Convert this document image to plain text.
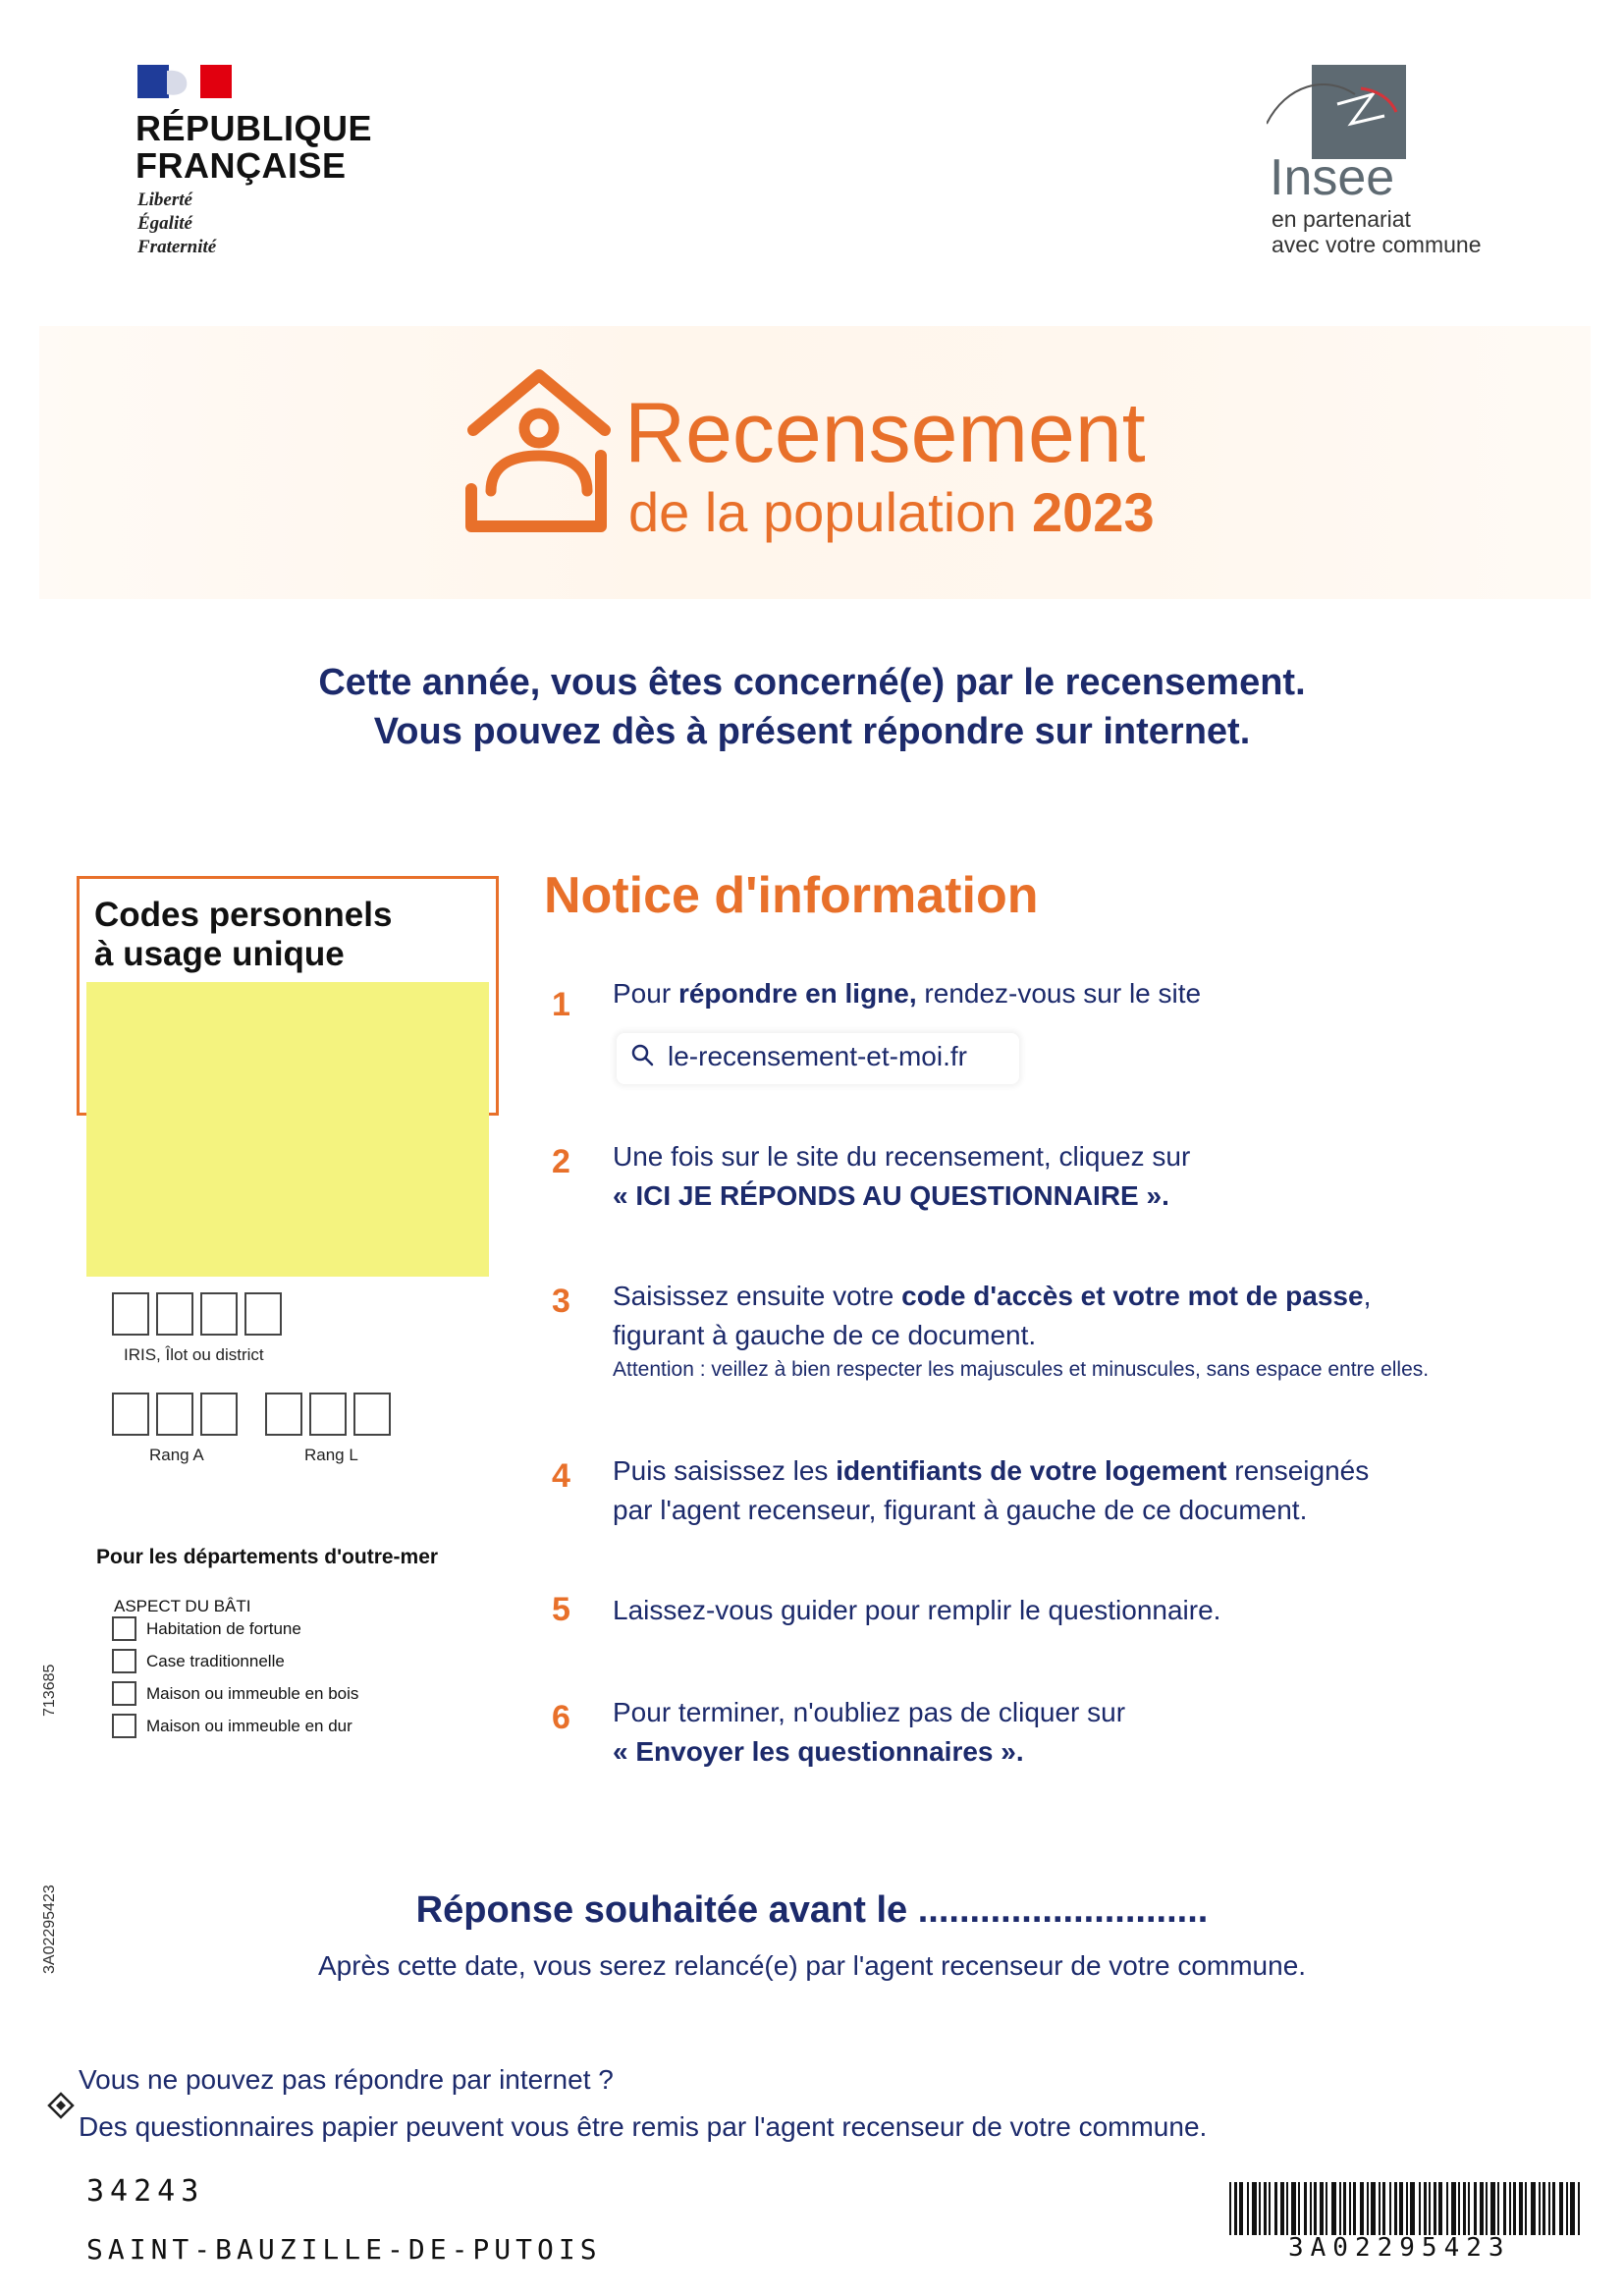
RÉPUBLIQUE
FRANÇAISE
Liberté
Égalité
Fraternité
Insee
en partenariat
avec votre commune
Recensement
de la population 2023
Cette année, vous êtes concerné(e) par le recensement.
Vous pouvez dès à présent répondre sur internet.
Codes personnels
à usage unique
IRIS, Îlot ou district
Rang A	Rang L
Pour les départements d'outre-mer
ASPECT DU BÂTI
Habitation de fortune
Case traditionnelle
Maison ou immeuble en bois
Maison ou immeuble en dur
713685
3A02295423
Notice d'information
1 Pour répondre en ligne, rendez-vous sur le site
le-recensement-et-moi.fr
2 Une fois sur le site du recensement, cliquez sur
« ICI JE RÉPONDS AU QUESTIONNAIRE ».
3 Saisissez ensuite votre code d'accès et votre mot de passe,
figurant à gauche de ce document.
Attention : veillez à bien respecter les majuscules et minuscules, sans espace entre elles.
4 Puis saisissez les identifiants de votre logement renseignés
par l'agent recenseur, figurant à gauche de ce document.
5 Laissez-vous guider pour remplir le questionnaire.
6 Pour terminer, n'oubliez pas de cliquer sur
« Envoyer les questionnaires ».
Réponse souhaitée avant le ............................
Après cette date, vous serez relancé(e) par l'agent recenseur de votre commune.
Vous ne pouvez pas répondre par internet ?
Des questionnaires papier peuvent vous être remis par l'agent recenseur de votre commune.
34243
SAINT-BAUZILLE-DE-PUTOIS	3A02295423
